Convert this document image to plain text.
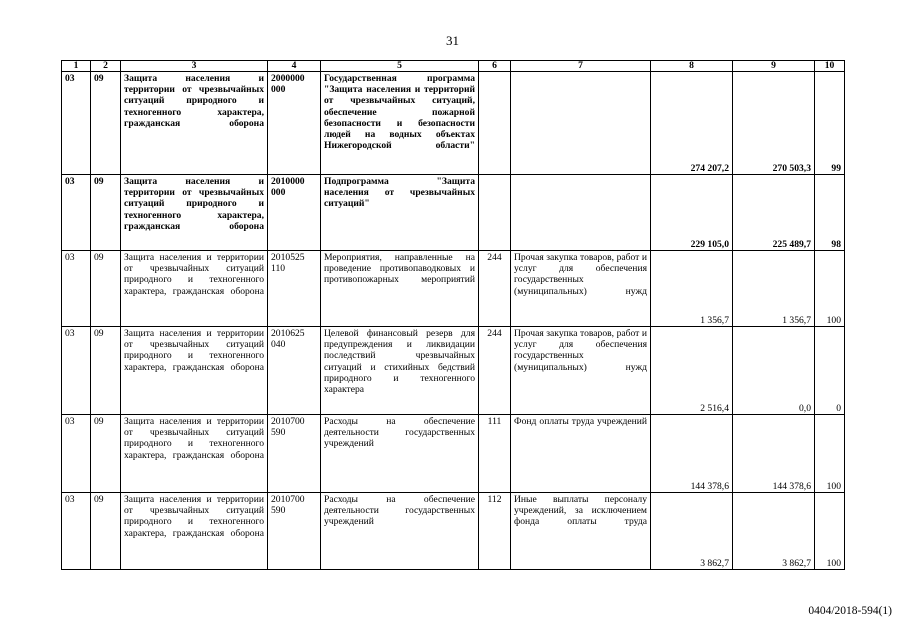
31
1	2	3	4	5	6	7	8	9	10
03	09	Защита населения и территории от чрезвычайных ситуаций природного и техногенного характера, гражданская оборона	2000000 000	Государственная программа "Защита населения и территорий от чрезвычайных ситуаций, обеспечение пожарной безопасности и безопасности людей на водных объектах Нижегородской области"			274 207,2	270 503,3	99
03	09	Защита населения и территории от чрезвычайных ситуаций природного и техногенного характера, гражданская оборона	2010000 000	Подпрограмма "Защита населения от чрезвычайных ситуаций"			229 105,0	225 489,7	98
03	09	Защита населения и территории от чрезвычайных ситуаций природного и техногенного характера, гражданская оборона	2010525 110	Мероприятия, направленные на проведение противопаводковых и противопожарных мероприятий	244	Прочая закупка товаров, работ и услуг для обеспечения государственных (муниципальных) нужд	1 356,7	1 356,7	100
03	09	Защита населения и территории от чрезвычайных ситуаций природного и техногенного характера, гражданская оборона	2010625 040	Целевой финансовый резерв для предупреждения и ликвидации последствий чрезвычайных ситуаций и стихийных бедствий природного и техногенного характера	244	Прочая закупка товаров, работ и услуг для обеспечения государственных (муниципальных) нужд	2 516,4	0,0	0
03	09	Защита населения и территории от чрезвычайных ситуаций природного и техногенного характера, гражданская оборона	2010700 590	Расходы на обеспечение деятельности государственных учреждений	111	Фонд оплаты труда учреждений	144 378,6	144 378,6	100
03	09	Защита населения и территории от чрезвычайных ситуаций природного и техногенного характера, гражданская оборона	2010700 590	Расходы на обеспечение деятельности государственных учреждений	112	Иные выплаты персоналу учреждений, за исключением фонда оплаты труда	3 862,7	3 862,7	100
0404/2018-594(1)
